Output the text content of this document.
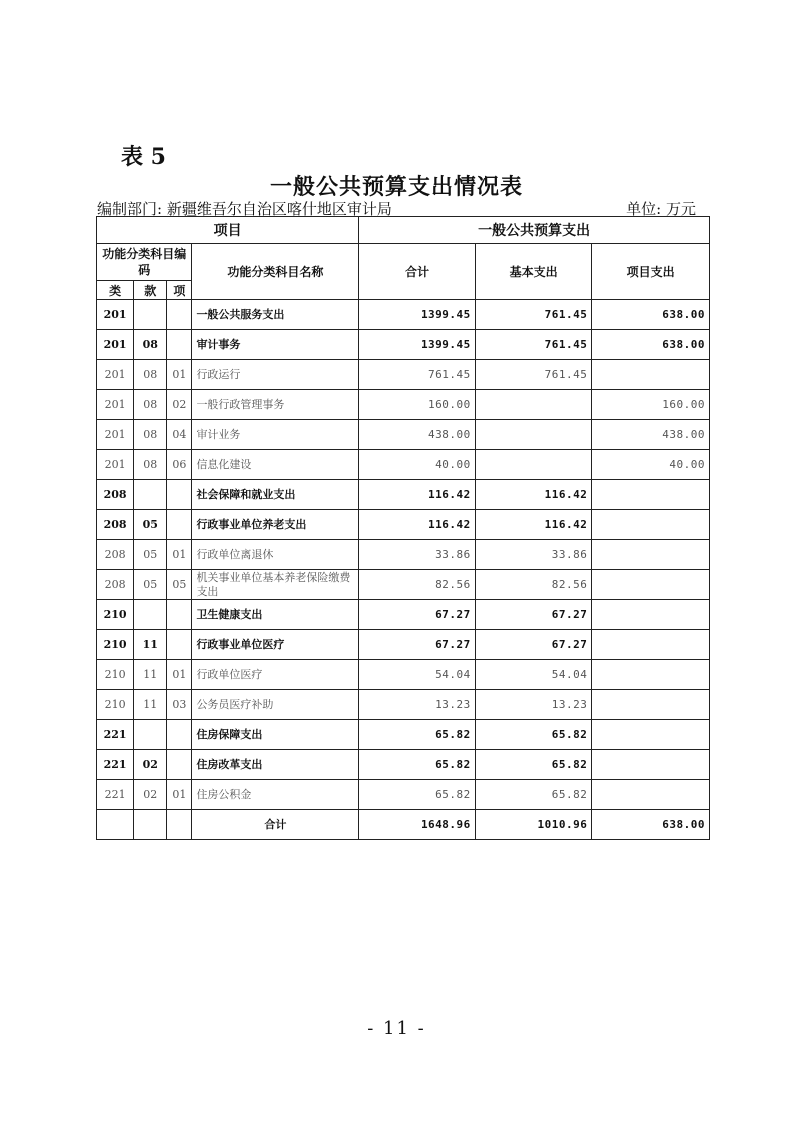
表 5
一般公共预算支出情况表
编制部门: 新疆维吾尔自治区喀什地区审计局	单位: 万元
项目				一般公共预算支出		
功能分类科目编码			功能分类科目名称	合计	基本支出	项目支出
类	款	项				
201			一般公共服务支出	1399.45	761.45	638.00
201	08		审计事务	1399.45	761.45	638.00
201	08	01	行政运行	761.45	761.45	
201	08	02	一般行政管理事务	160.00		160.00
201	08	04	审计业务	438.00		438.00
201	08	06	信息化建设	40.00		40.00
208			社会保障和就业支出	116.42	116.42	
208	05		行政事业单位养老支出	116.42	116.42	
208	05	01	行政单位离退休	33.86	33.86	
208	05	05	机关事业单位基本养老保险缴费支出	82.56	82.56	
210			卫生健康支出	67.27	67.27	
210	11		行政事业单位医疗	67.27	67.27	
210	11	01	行政单位医疗	54.04	54.04	
210	11	03	公务员医疗补助	13.23	13.23	
221			住房保障支出	65.82	65.82	
221	02		住房改革支出	65.82	65.82	
221	02	01	住房公积金	65.82	65.82	
			合计	1648.96	1010.96	638.00
- 11 -
